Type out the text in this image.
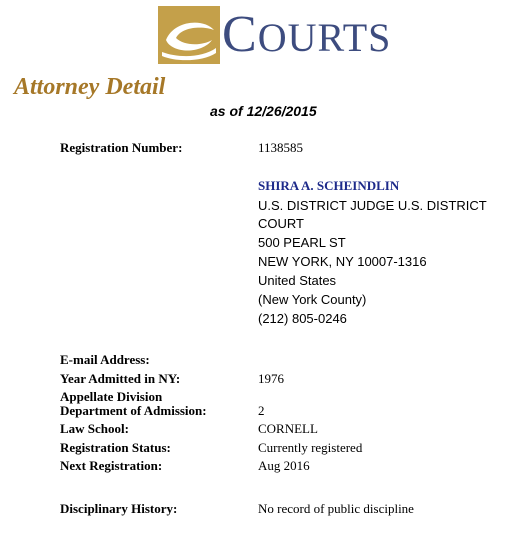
COURTS
Attorney Detail
as of 12/26/2015
Registration Number:	1138585
SHIRA A. SCHEINDLIN
U.S. DISTRICT JUDGE U.S. DISTRICT
COURT
500 PEARL ST
NEW YORK, NY 10007-1316
United States
(New York County)
(212) 805-0246
E-mail Address:
Year Admitted in NY:	1976
Appellate Division
Department of Admission:	2
Law School:	CORNELL
Registration Status:	Currently registered
Next Registration:	Aug 2016
Disciplinary History:	No record of public discipline
